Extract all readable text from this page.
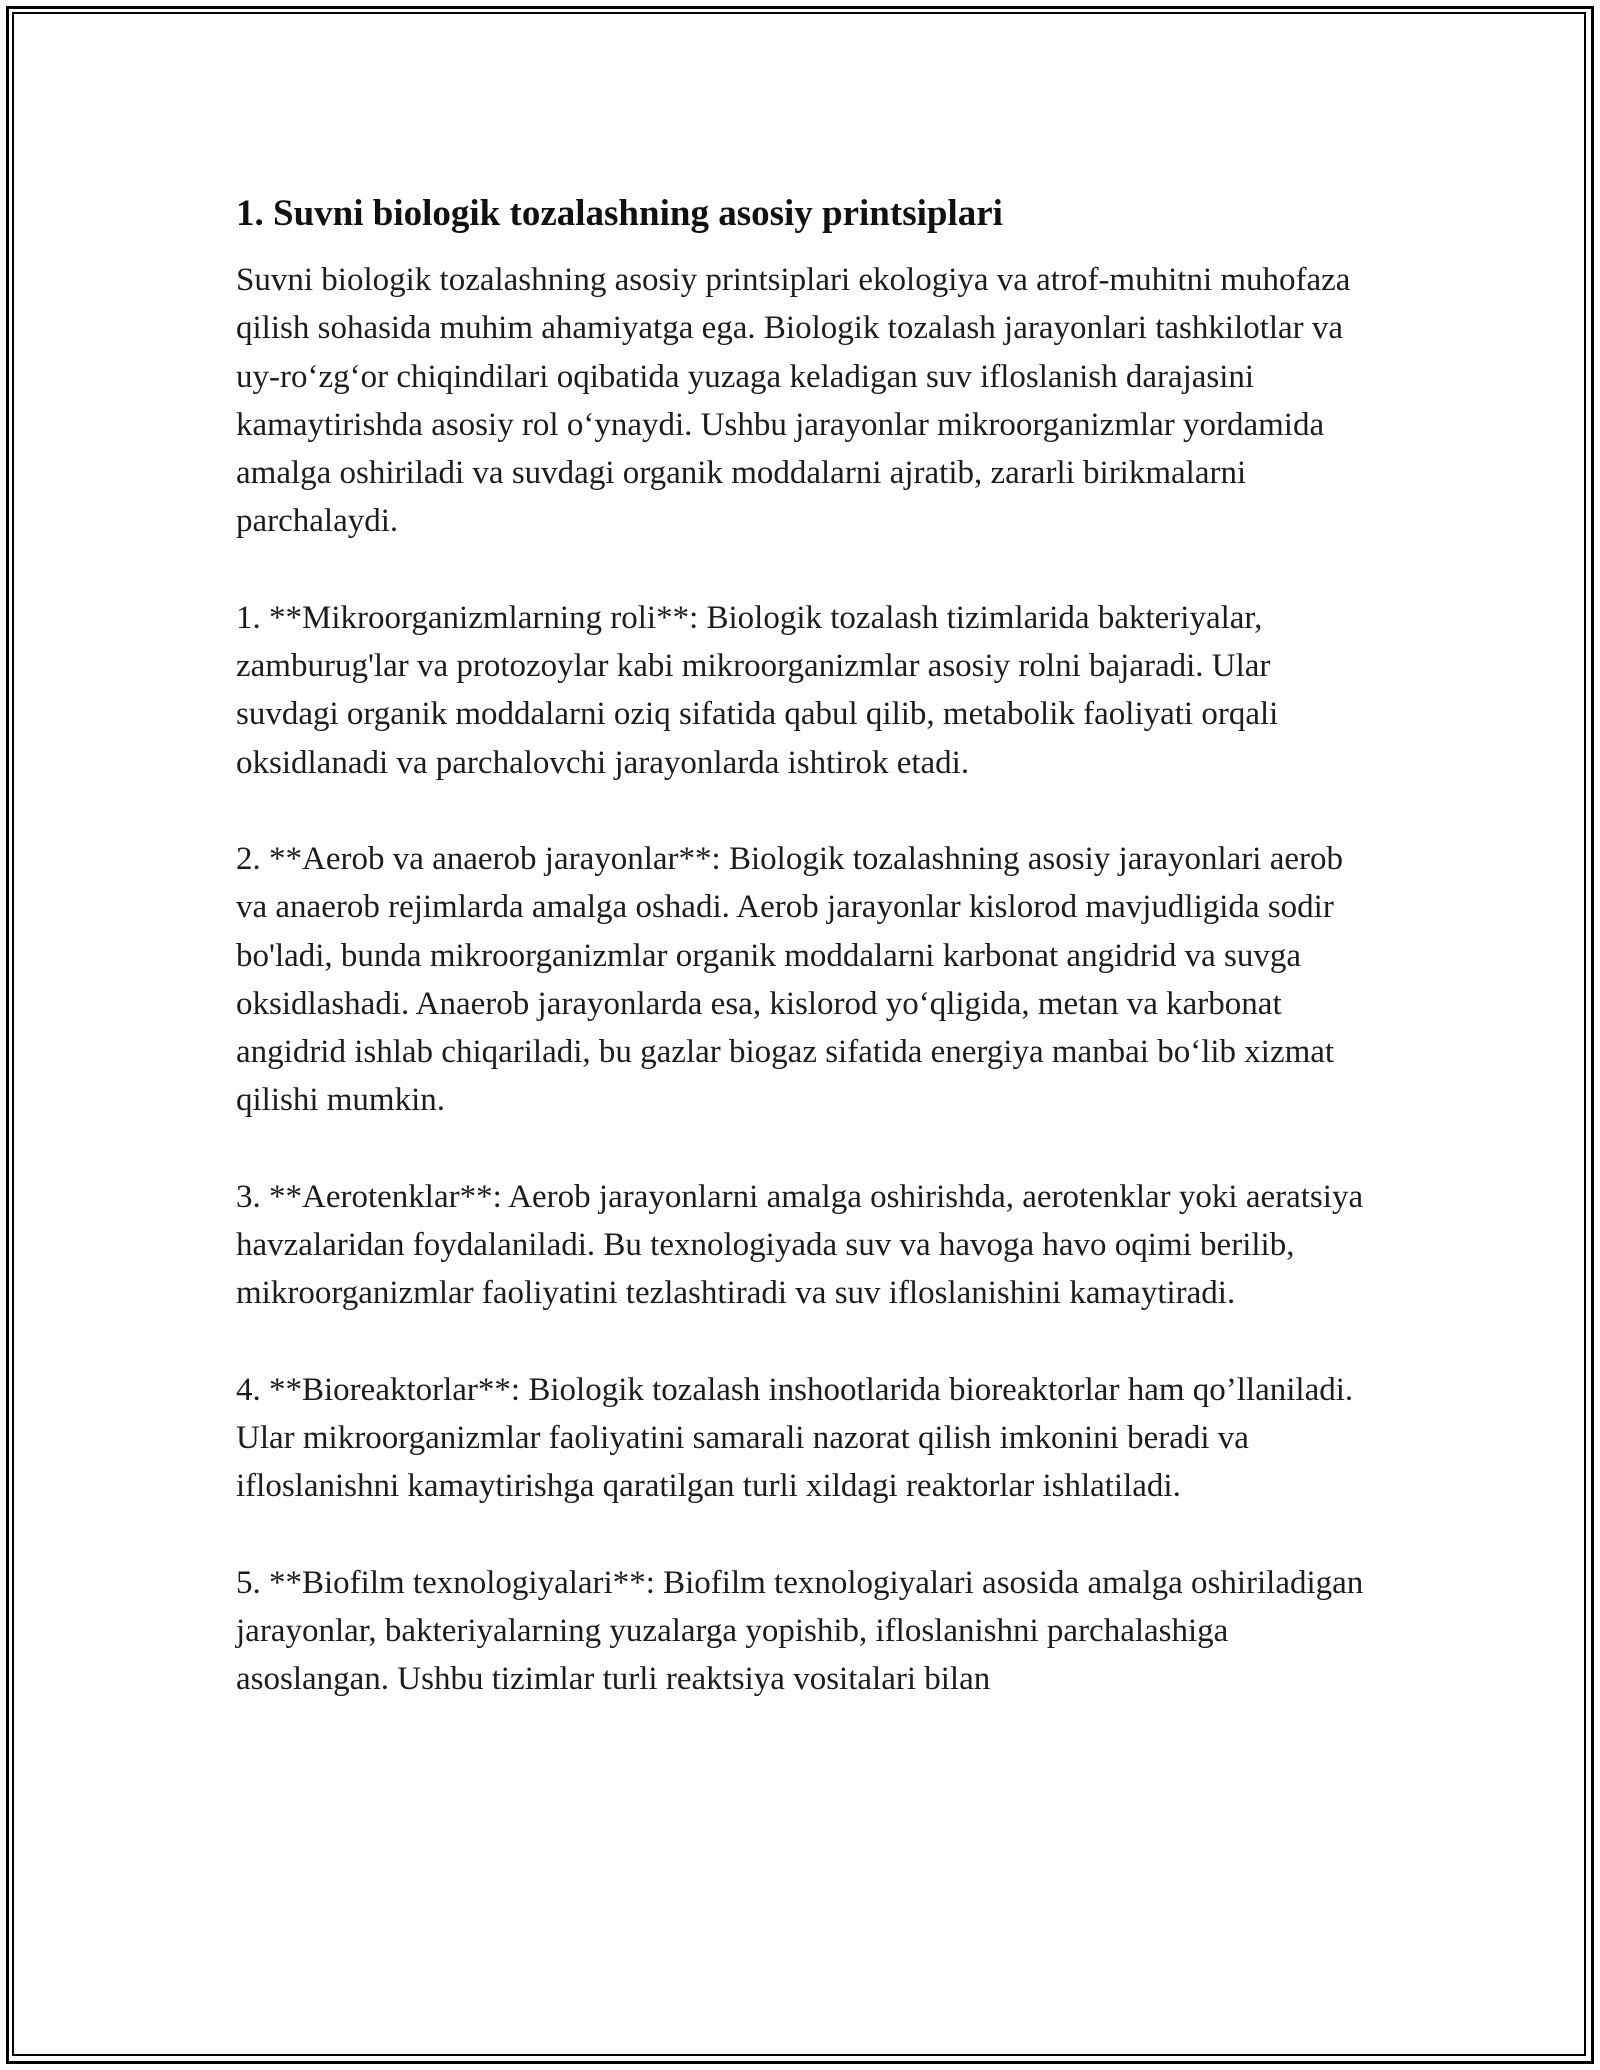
1. Suvni biologik tozalashning asosiy printsiplari

Suvni biologik tozalashning asosiy printsiplari ekologiya va atrof-muhitni muhofaza qilish sohasida muhim ahamiyatga ega. Biologik tozalash jarayonlari tashkilotlar va uy-ro‘zg‘or chiqindilari oqibatida yuzaga keladigan suv ifloslanish darajasini kamaytirishda asosiy rol o‘ynaydi. Ushbu jarayonlar mikroorganizmlar yordamida amalga oshiriladi va suvdagi organik moddalarni ajratib, zararli birikmalarni parchalaydi.

1. **Mikroorganizmlarning roli**: Biologik tozalash tizimlarida bakteriyalar, zamburug'lar va protozoylar kabi mikroorganizmlar asosiy rolni bajaradi. Ular suvdagi organik moddalarni oziq sifatida qabul qilib, metabolik faoliyati orqali oksidlanadi va parchalovchi jarayonlarda ishtirok etadi.

2. **Aerob va anaerob jarayonlar**: Biologik tozalashning asosiy jarayonlari aerob va anaerob rejimlarda amalga oshadi. Aerob jarayonlar kislorod mavjudligida sodir bo'ladi, bunda mikroorganizmlar organik moddalarni karbonat angidrid va suvga oksidlashadi. Anaerob jarayonlarda esa, kislorod yo‘qligida, metan va karbonat angidrid ishlab chiqariladi, bu gazlar biogaz sifatida energiya manbai bo‘lib xizmat qilishi mumkin.

3. **Aerotenklar**: Aerob jarayonlarni amalga oshirishda, aerotenklar yoki aeratsiya havzalaridan foydalaniladi. Bu texnologiyada suv va havoga havo oqimi berilib, mikroorganizmlar faoliyatini tezlashtiradi va suv ifloslanishini kamaytiradi.

4. **Bioreaktorlar**: Biologik tozalash inshootlarida bioreaktorlar ham qo’llaniladi. Ular mikroorganizmlar faoliyatini samarali nazorat qilish imkonini beradi va ifloslanishni kamaytirishga qaratilgan turli xildagi reaktorlar ishlatiladi.

5. **Biofilm texnologiyalari**: Biofilm texnologiyalari asosida amalga oshiriladigan jarayonlar, bakteriyalarning yuzalarga yopishib, ifloslanishni parchalashiga asoslangan. Ushbu tizimlar turli reaktsiya vositalari bilan
